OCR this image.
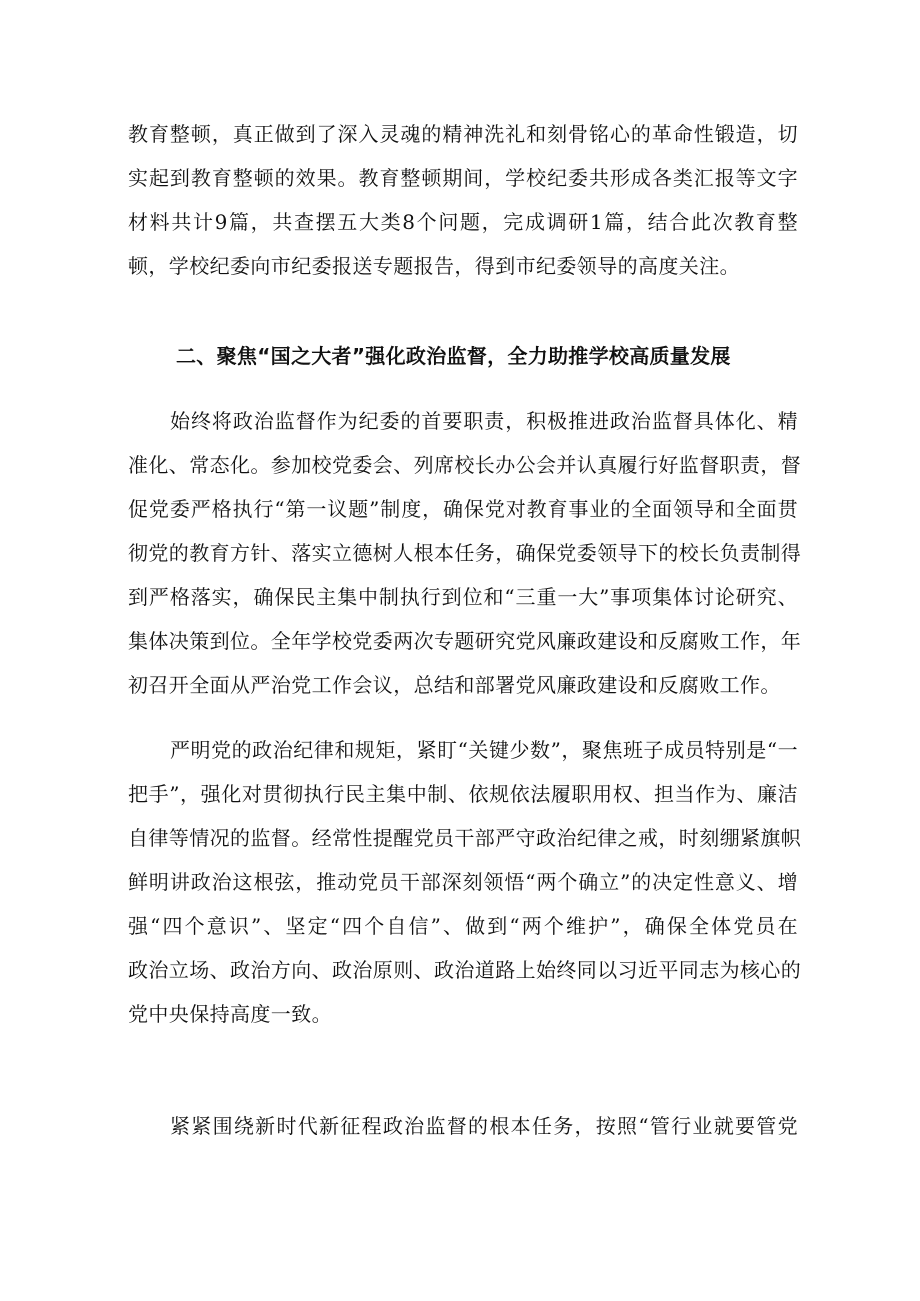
教育整顿，真正做到了深入灵魂的精神洗礼和刻骨铭心的革命性锻造，切
实起到教育整顿的效果。教育整顿期间，学校纪委共形成各类汇报等文字
材料共计9篇，共查摆五大类8个问题，完成调研1篇，结合此次教育整
顿，学校纪委向市纪委报送专题报告，得到市纪委领导的高度关注。
二、聚焦“国之大者”强化政治监督，全力助推学校高质量发展
始终将政治监督作为纪委的首要职责，积极推进政治监督具体化、精
准化、常态化。参加校党委会、列席校长办公会并认真履行好监督职责，督
促党委严格执行“第一议题”制度，确保党对教育事业的全面领导和全面贯
彻党的教育方针、落实立德树人根本任务，确保党委领导下的校长负责制得
到严格落实，确保民主集中制执行到位和“三重一大”事项集体讨论研究、
集体决策到位。全年学校党委两次专题研究党风廉政建设和反腐败工作，年
初召开全面从严治党工作会议，总结和部署党风廉政建设和反腐败工作。
严明党的政治纪律和规矩，紧盯“关键少数”，聚焦班子成员特别是“一
把手”，强化对贯彻执行民主集中制、依规依法履职用权、担当作为、廉洁
自律等情况的监督。经常性提醒党员干部严守政治纪律之戒，时刻绷紧旗帜
鲜明讲政治这根弦，推动党员干部深刻领悟“两个确立”的决定性意义、增
强“四个意识”、坚定“四个自信”、做到“两个维护”，确保全体党员在
政治立场、政治方向、政治原则、政治道路上始终同以习近平同志为核心的
党中央保持高度一致。
紧紧围绕新时代新征程政治监督的根本任务，按照“管行业就要管党
